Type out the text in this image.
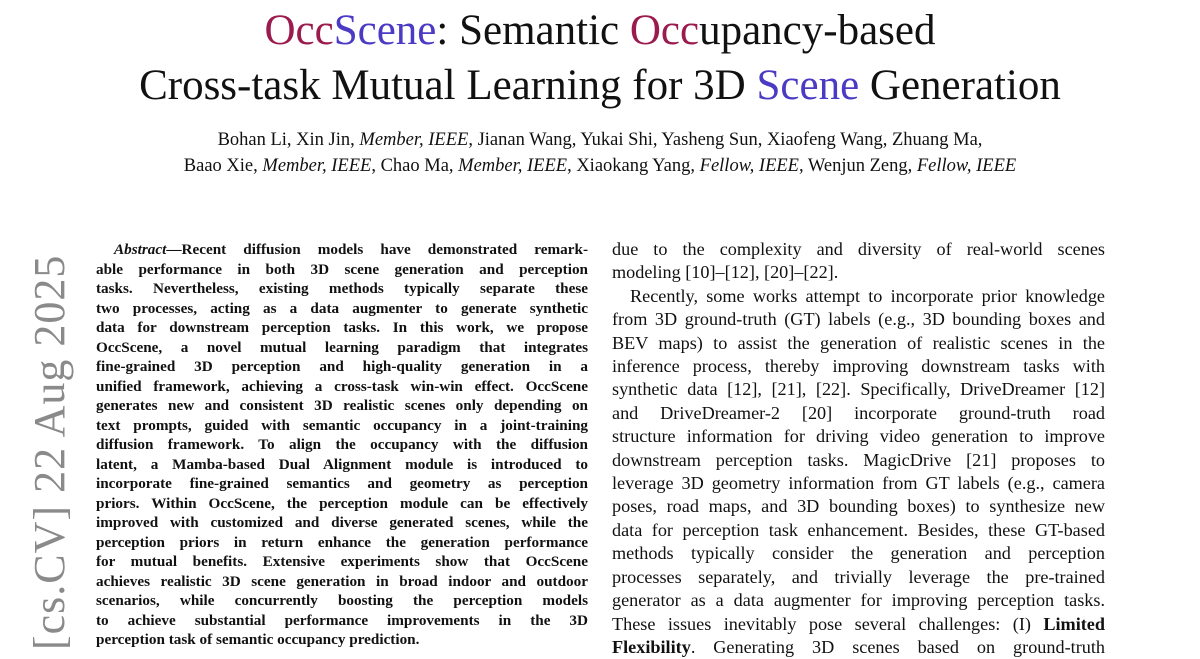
OccScene: Semantic Occupancy-based
Cross-task Mutual Learning for 3D Scene Generation
Bohan Li, Xin Jin, Member, IEEE, Jianan Wang, Yukai Shi, Yasheng Sun, Xiaofeng Wang, Zhuang Ma,
Baao Xie, Member, IEEE, Chao Ma, Member, IEEE, Xiaokang Yang, Fellow, IEEE, Wenjun Zeng, Fellow, IEEE
[cs.CV] 22 Aug 2025
Abstract—Recent diffusion models have demonstrated remark-
able performance in both 3D scene generation and perception
tasks. Nevertheless, existing methods typically separate these
two processes, acting as a data augmenter to generate synthetic
data for downstream perception tasks. In this work, we propose
OccScene, a novel mutual learning paradigm that integrates
fine-grained 3D perception and high-quality generation in a
unified framework, achieving a cross-task win-win effect. OccScene
generates new and consistent 3D realistic scenes only depending on
text prompts, guided with semantic occupancy in a joint-training
diffusion framework. To align the occupancy with the diffusion
latent, a Mamba-based Dual Alignment module is introduced to
incorporate fine-grained semantics and geometry as perception
priors. Within OccScene, the perception module can be effectively
improved with customized and diverse generated scenes, while the
perception priors in return enhance the generation performance
for mutual benefits. Extensive experiments show that OccScene
achieves realistic 3D scene generation in broad indoor and outdoor
scenarios, while concurrently boosting the perception models
to achieve substantial performance improvements in the 3D
perception task of semantic occupancy prediction.
due to the complexity and diversity of real-world scenes
modeling [10]–[12], [20]–[22].
Recently, some works attempt to incorporate prior knowledge
from 3D ground-truth (GT) labels (e.g., 3D bounding boxes and
BEV maps) to assist the generation of realistic scenes in the
inference process, thereby improving downstream tasks with
synthetic data [12], [21], [22]. Specifically, DriveDreamer [12]
and DriveDreamer-2 [20] incorporate ground-truth road
structure information for driving video generation to improve
downstream perception tasks. MagicDrive [21] proposes to
leverage 3D geometry information from GT labels (e.g., camera
poses, road maps, and 3D bounding boxes) to synthesize new
data for perception task enhancement. Besides, these GT-based
methods typically consider the generation and perception
processes separately, and trivially leverage the pre-trained
generator as a data augmenter for improving perception tasks.
These issues inevitably pose several challenges: (I) Limited
Flexibility. Generating 3D scenes based on ground-truth
